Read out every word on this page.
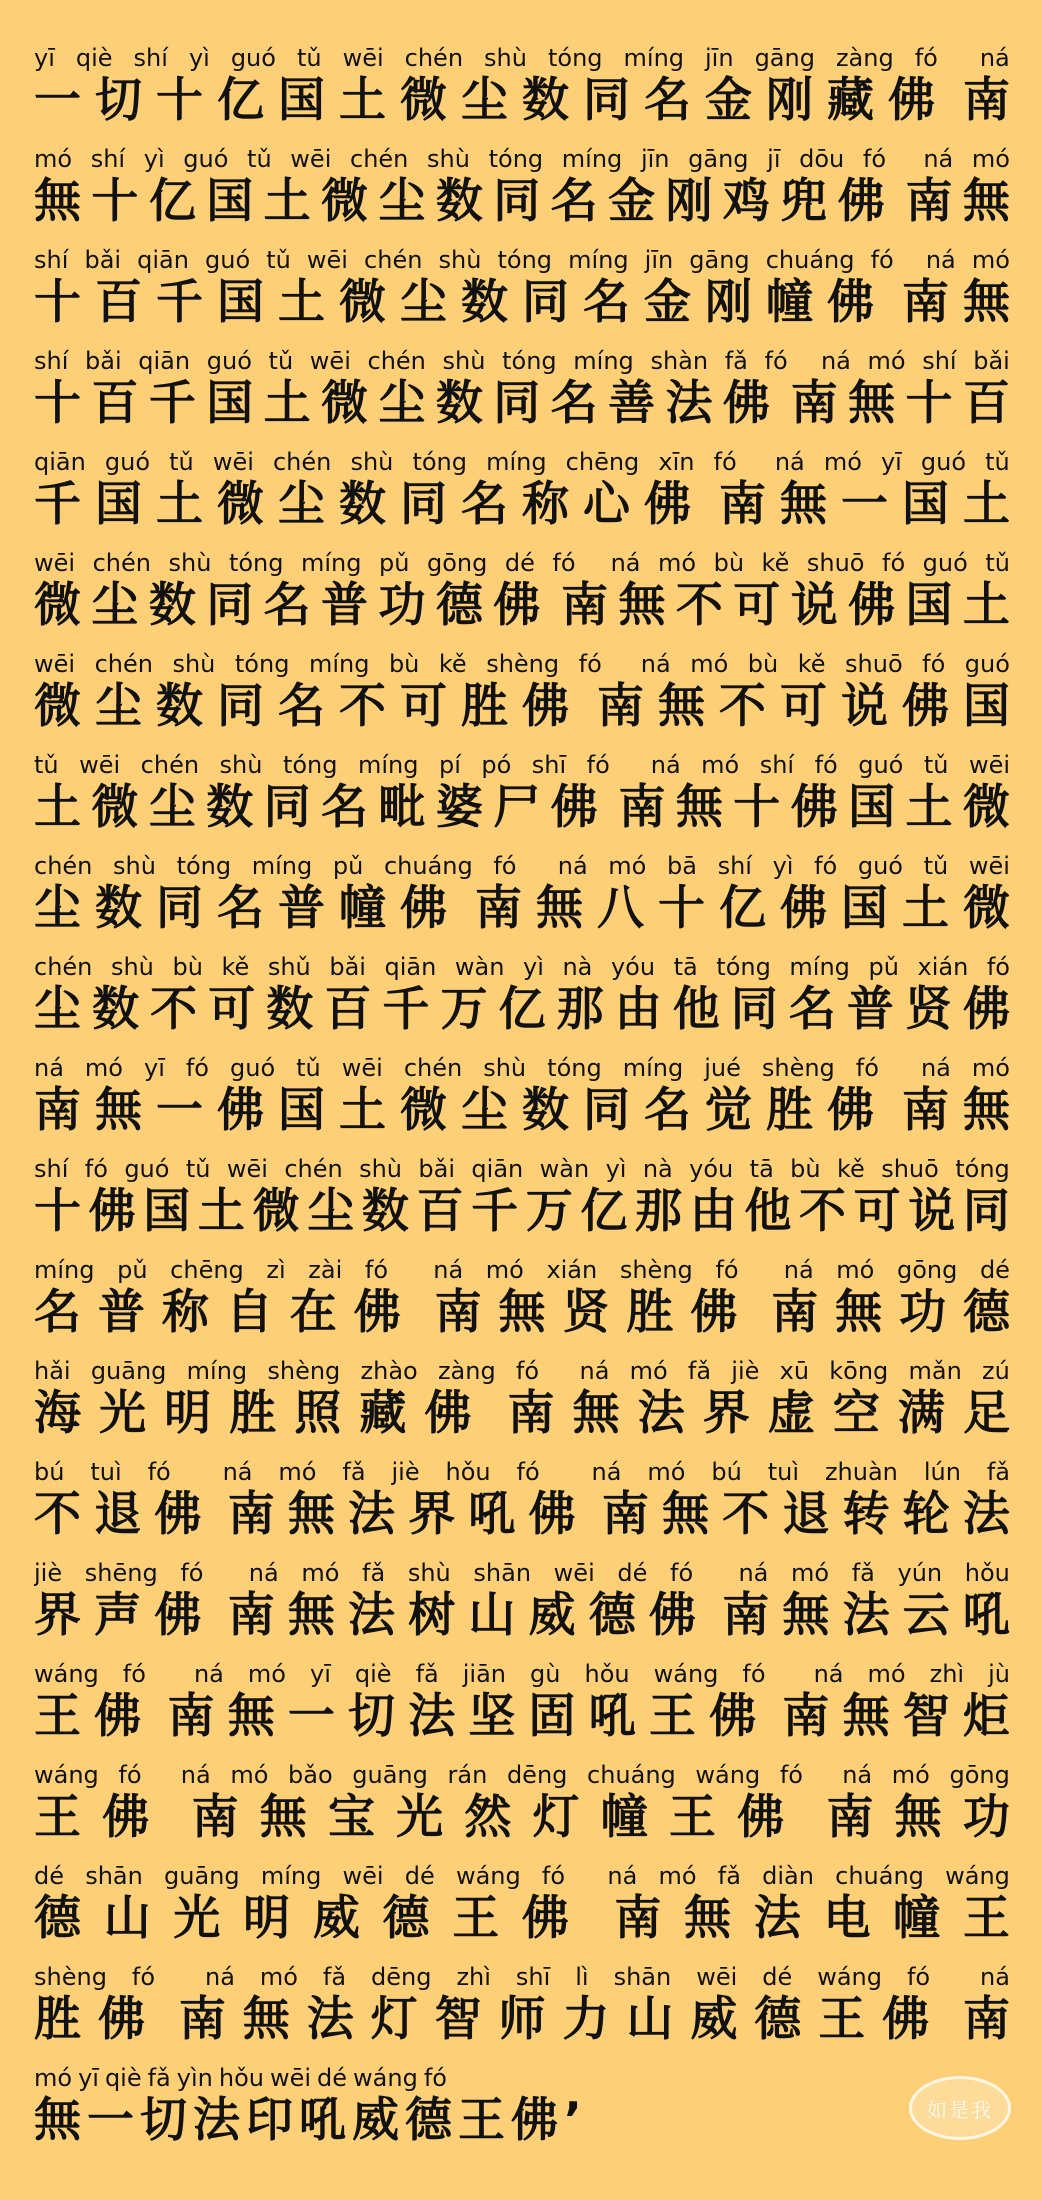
yī qiè shí yì guó tǔ wēi chén shù tóng míng jīn gāng zàng fó ná
一 切 十 亿 国 土 微 尘 数 同 名 金 刚 藏 佛 南
mó shí yì guó tǔ wēi chén shù tóng míng jīn gāng jī dōu fó ná mó
無 十 亿 国 土 微 尘 数 同 名 金 刚 鸡 兜 佛 南 無
shí bǎi qiān guó tǔ wēi chén shù tóng míng jīn gāng chuáng fó ná mó
十 百 千 国 土 微 尘 数 同 名 金 刚 幢 佛 南 無
shí bǎi qiān guó tǔ wēi chén shù tóng míng shàn fǎ fó ná mó shí bǎi
十 百 千 国 土 微 尘 数 同 名 善 法 佛 南 無 十 百
qiān guó tǔ wēi chén shù tóng míng chēng xīn fó ná mó yī guó tǔ
千 国 土 微 尘 数 同 名 称 心 佛 南 無 一 国 土
wēi chén shù tóng míng pǔ gōng dé fó ná mó bù kě shuō fó guó tǔ
微 尘 数 同 名 普 功 德 佛 南 無 不 可 说 佛 国 土
wēi chén shù tóng míng bù kě shèng fó ná mó bù kě shuō fó guó
微 尘 数 同 名 不 可 胜 佛 南 無 不 可 说 佛 国
tǔ wēi chén shù tóng míng pí pó shī fó ná mó shí fó guó tǔ wēi
土 微 尘 数 同 名 毗 婆 尸 佛 南 無 十 佛 国 土 微
chén shù tóng míng pǔ chuáng fó ná mó bā shí yì fó guó tǔ wēi
尘 数 同 名 普 幢 佛 南 無 八 十 亿 佛 国 土 微
chén shù bù kě shǔ bǎi qiān wàn yì nà yóu tā tóng míng pǔ xián fó
尘 数 不 可 数 百 千 万 亿 那 由 他 同 名 普 贤 佛
ná mó yī fó guó tǔ wēi chén shù tóng míng jué shèng fó ná mó
南 無 一 佛 国 土 微 尘 数 同 名 觉 胜 佛 南 無
shí fó guó tǔ wēi chén shù bǎi qiān wàn yì nà yóu tā bù kě shuō tóng
十 佛 国 土 微 尘 数 百 千 万 亿 那 由 他 不 可 说 同
míng pǔ chēng zì zài fó ná mó xián shèng fó ná mó gōng dé
名 普 称 自 在 佛 南 無 贤 胜 佛 南 無 功 德
hǎi guāng míng shèng zhào zàng fó ná mó fǎ jiè xū kōng mǎn zú
海 光 明 胜 照 藏 佛 南 無 法 界 虚 空 满 足
bú tuì fó ná mó fǎ jiè hǒu fó ná mó bú tuì zhuàn lún fǎ
不 退 佛 南 無 法 界 吼 佛 南 無 不 退 转 轮 法
jiè shēng fó ná mó fǎ shù shān wēi dé fó ná mó fǎ yún hǒu
界 声 佛 南 無 法 树 山 威 德 佛 南 無 法 云 吼
wáng fó ná mó yī qiè fǎ jiān gù hǒu wáng fó ná mó zhì jù
王 佛 南 無 一 切 法 坚 固 吼 王 佛 南 無 智 炬
wáng fó ná mó bǎo guāng rán dēng chuáng wáng fó ná mó gōng
王 佛 南 無 宝 光 然 灯 幢 王 佛 南 無 功
dé shān guāng míng wēi dé wáng fó ná mó fǎ diàn chuáng wáng
德 山 光 明 威 德 王 佛 南 無 法 电 幢 王
shèng fó ná mó fǎ dēng zhì shī lì shān wēi dé wáng fó ná
胜 佛 南 無 法 灯 智 师 力 山 威 德 王 佛 南
mó yī qiè fǎ yìn hǒu wēi dé wáng fó
無 一 切 法 印 吼 威 德 王 佛 ’	如是我
